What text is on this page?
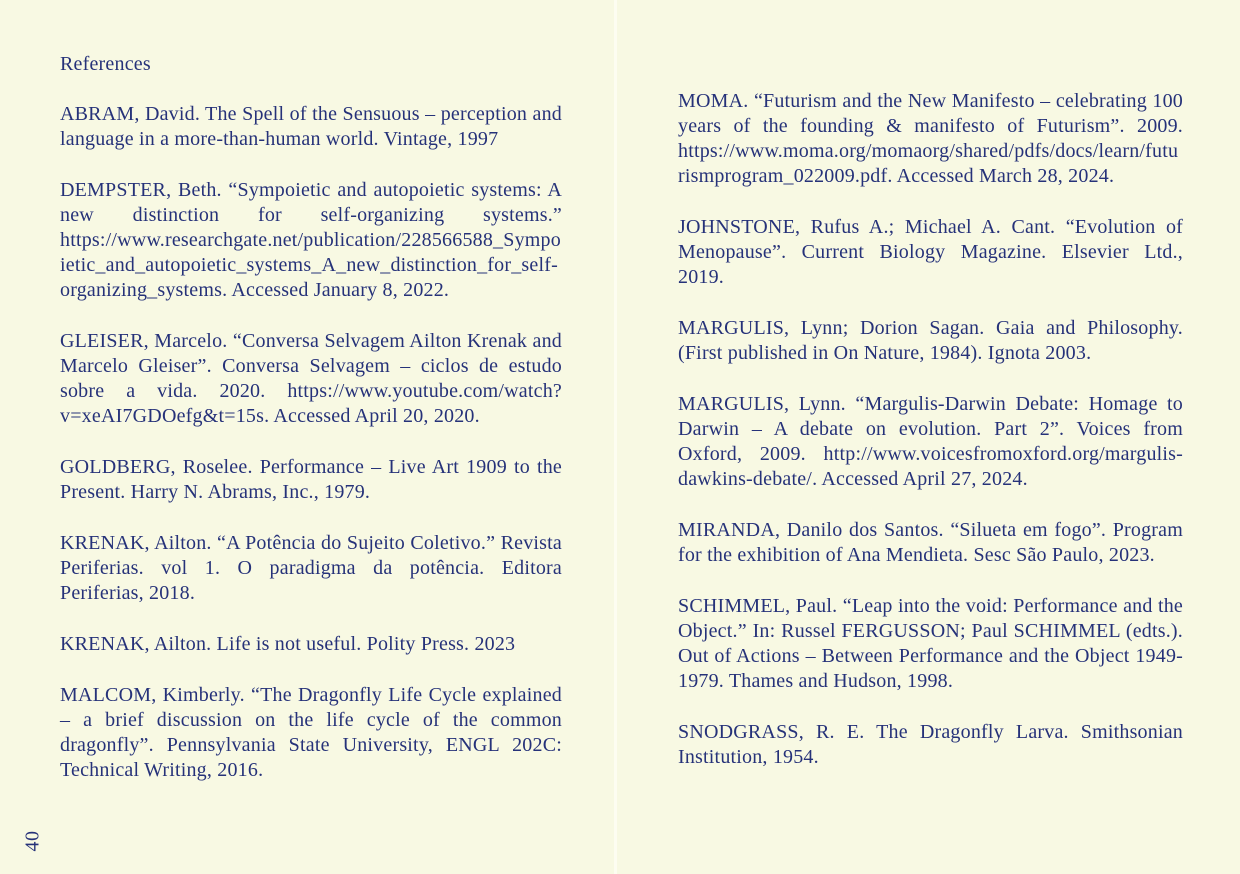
References

ABRAM, David. The Spell of the Sensuous – perception and language in a more-than-human world. Vintage, 1997

DEMPSTER, Beth. “Sympoietic and autopoietic systems: A new distinction for self-organizing systems.” https://www.researchgate.net/publication/228566588_Sympoietic_and_autopoietic_systems_A_new_distinction_for_self-organizing_systems. Accessed January 8, 2022.

GLEISER, Marcelo. “Conversa Selvagem Ailton Krenak and Marcelo Gleiser”. Conversa Selvagem – ciclos de estudo sobre a vida. 2020. https://www.youtube.com/watch?v=xeAI7GDOefg&t=15s. Accessed April 20, 2020.

GOLDBERG, Roselee. Performance – Live Art 1909 to the Present. Harry N. Abrams, Inc., 1979.

KRENAK, Ailton. “A Potência do Sujeito Coletivo.” Revista Periferias. vol 1. O paradigma da potência. Editora Periferias, 2018.

KRENAK, Ailton. Life is not useful. Polity Press. 2023

MALCOM, Kimberly. “The Dragonfly Life Cycle explained – a brief discussion on the life cycle of the common dragonfly”. Pennsylvania State University, ENGL 202C: Technical Writing, 2016.

MOMA. “Futurism and the New Manifesto – celebrating 100 years of the founding & manifesto of Futurism”. 2009. https://www.moma.org/momaorg/shared/pdfs/docs/learn/futurismprogram_022009.pdf. Accessed March 28, 2024.

JOHNSTONE, Rufus A.; Michael A. Cant. “Evolution of Menopause”. Current Biology Magazine. Elsevier Ltd., 2019.

MARGULIS, Lynn; Dorion Sagan. Gaia and Philosophy. (First published in On Nature, 1984). Ignota 2003.

MARGULIS, Lynn. “Margulis-Darwin Debate: Homage to Darwin – A debate on evolution. Part 2”. Voices from Oxford, 2009. http://www.voicesfromoxford.org/margulis-dawkins-debate/. Accessed April 27, 2024.

MIRANDA, Danilo dos Santos. “Silueta em fogo”. Program for the exhibition of Ana Mendieta. Sesc São Paulo, 2023.

SCHIMMEL, Paul. “Leap into the void: Performance and the Object.” In: Russel FERGUSSON; Paul SCHIMMEL (edts.). Out of Actions – Between Performance and the Object 1949-1979. Thames and Hudson, 1998.

SNODGRASS, R. E. The Dragonfly Larva. Smithsonian Institution, 1954.

40
